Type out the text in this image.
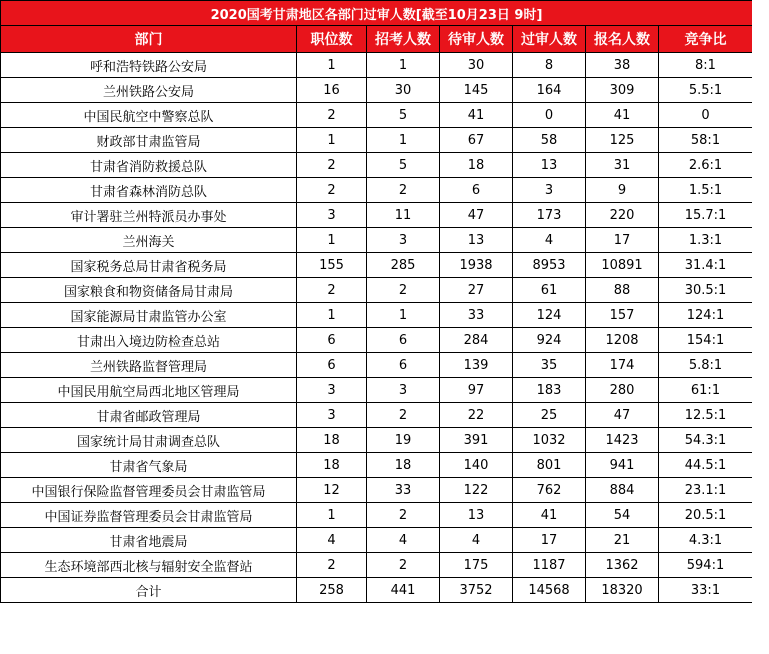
2020国考甘肃地区各部门过审人数[截至10月23日 9时]						
部门	职位数	招考人数	待审人数	过审人数	报名人数	竞争比
呼和浩特铁路公安局	1	1	30	8	38	8:1
兰州铁路公安局	16	30	145	164	309	5.5:1
中国民航空中警察总队	2	5	41	0	41	0
财政部甘肃监管局	1	1	67	58	125	58:1
甘肃省消防救援总队	2	5	18	13	31	2.6:1
甘肃省森林消防总队	2	2	6	3	9	1.5:1
审计署驻兰州特派员办事处	3	11	47	173	220	15.7:1
兰州海关	1	3	13	4	17	1.3:1
国家税务总局甘肃省税务局	155	285	1938	8953	10891	31.4:1
国家粮食和物资储备局甘肃局	2	2	27	61	88	30.5:1
国家能源局甘肃监管办公室	1	1	33	124	157	124:1
甘肃出入境边防检查总站	6	6	284	924	1208	154:1
兰州铁路监督管理局	6	6	139	35	174	5.8:1
中国民用航空局西北地区管理局	3	3	97	183	280	61:1
甘肃省邮政管理局	3	2	22	25	47	12.5:1
国家统计局甘肃调查总队	18	19	391	1032	1423	54.3:1
甘肃省气象局	18	18	140	801	941	44.5:1
中国银行保险监督管理委员会甘肃监管局	12	33	122	762	884	23.1:1
中国证券监督管理委员会甘肃监管局	1	2	13	41	54	20.5:1
甘肃省地震局	4	4	4	17	21	4.3:1
生态环境部西北核与辐射安全监督站	2	2	175	1187	1362	594:1
合计	258	441	3752	14568	18320	33:1
